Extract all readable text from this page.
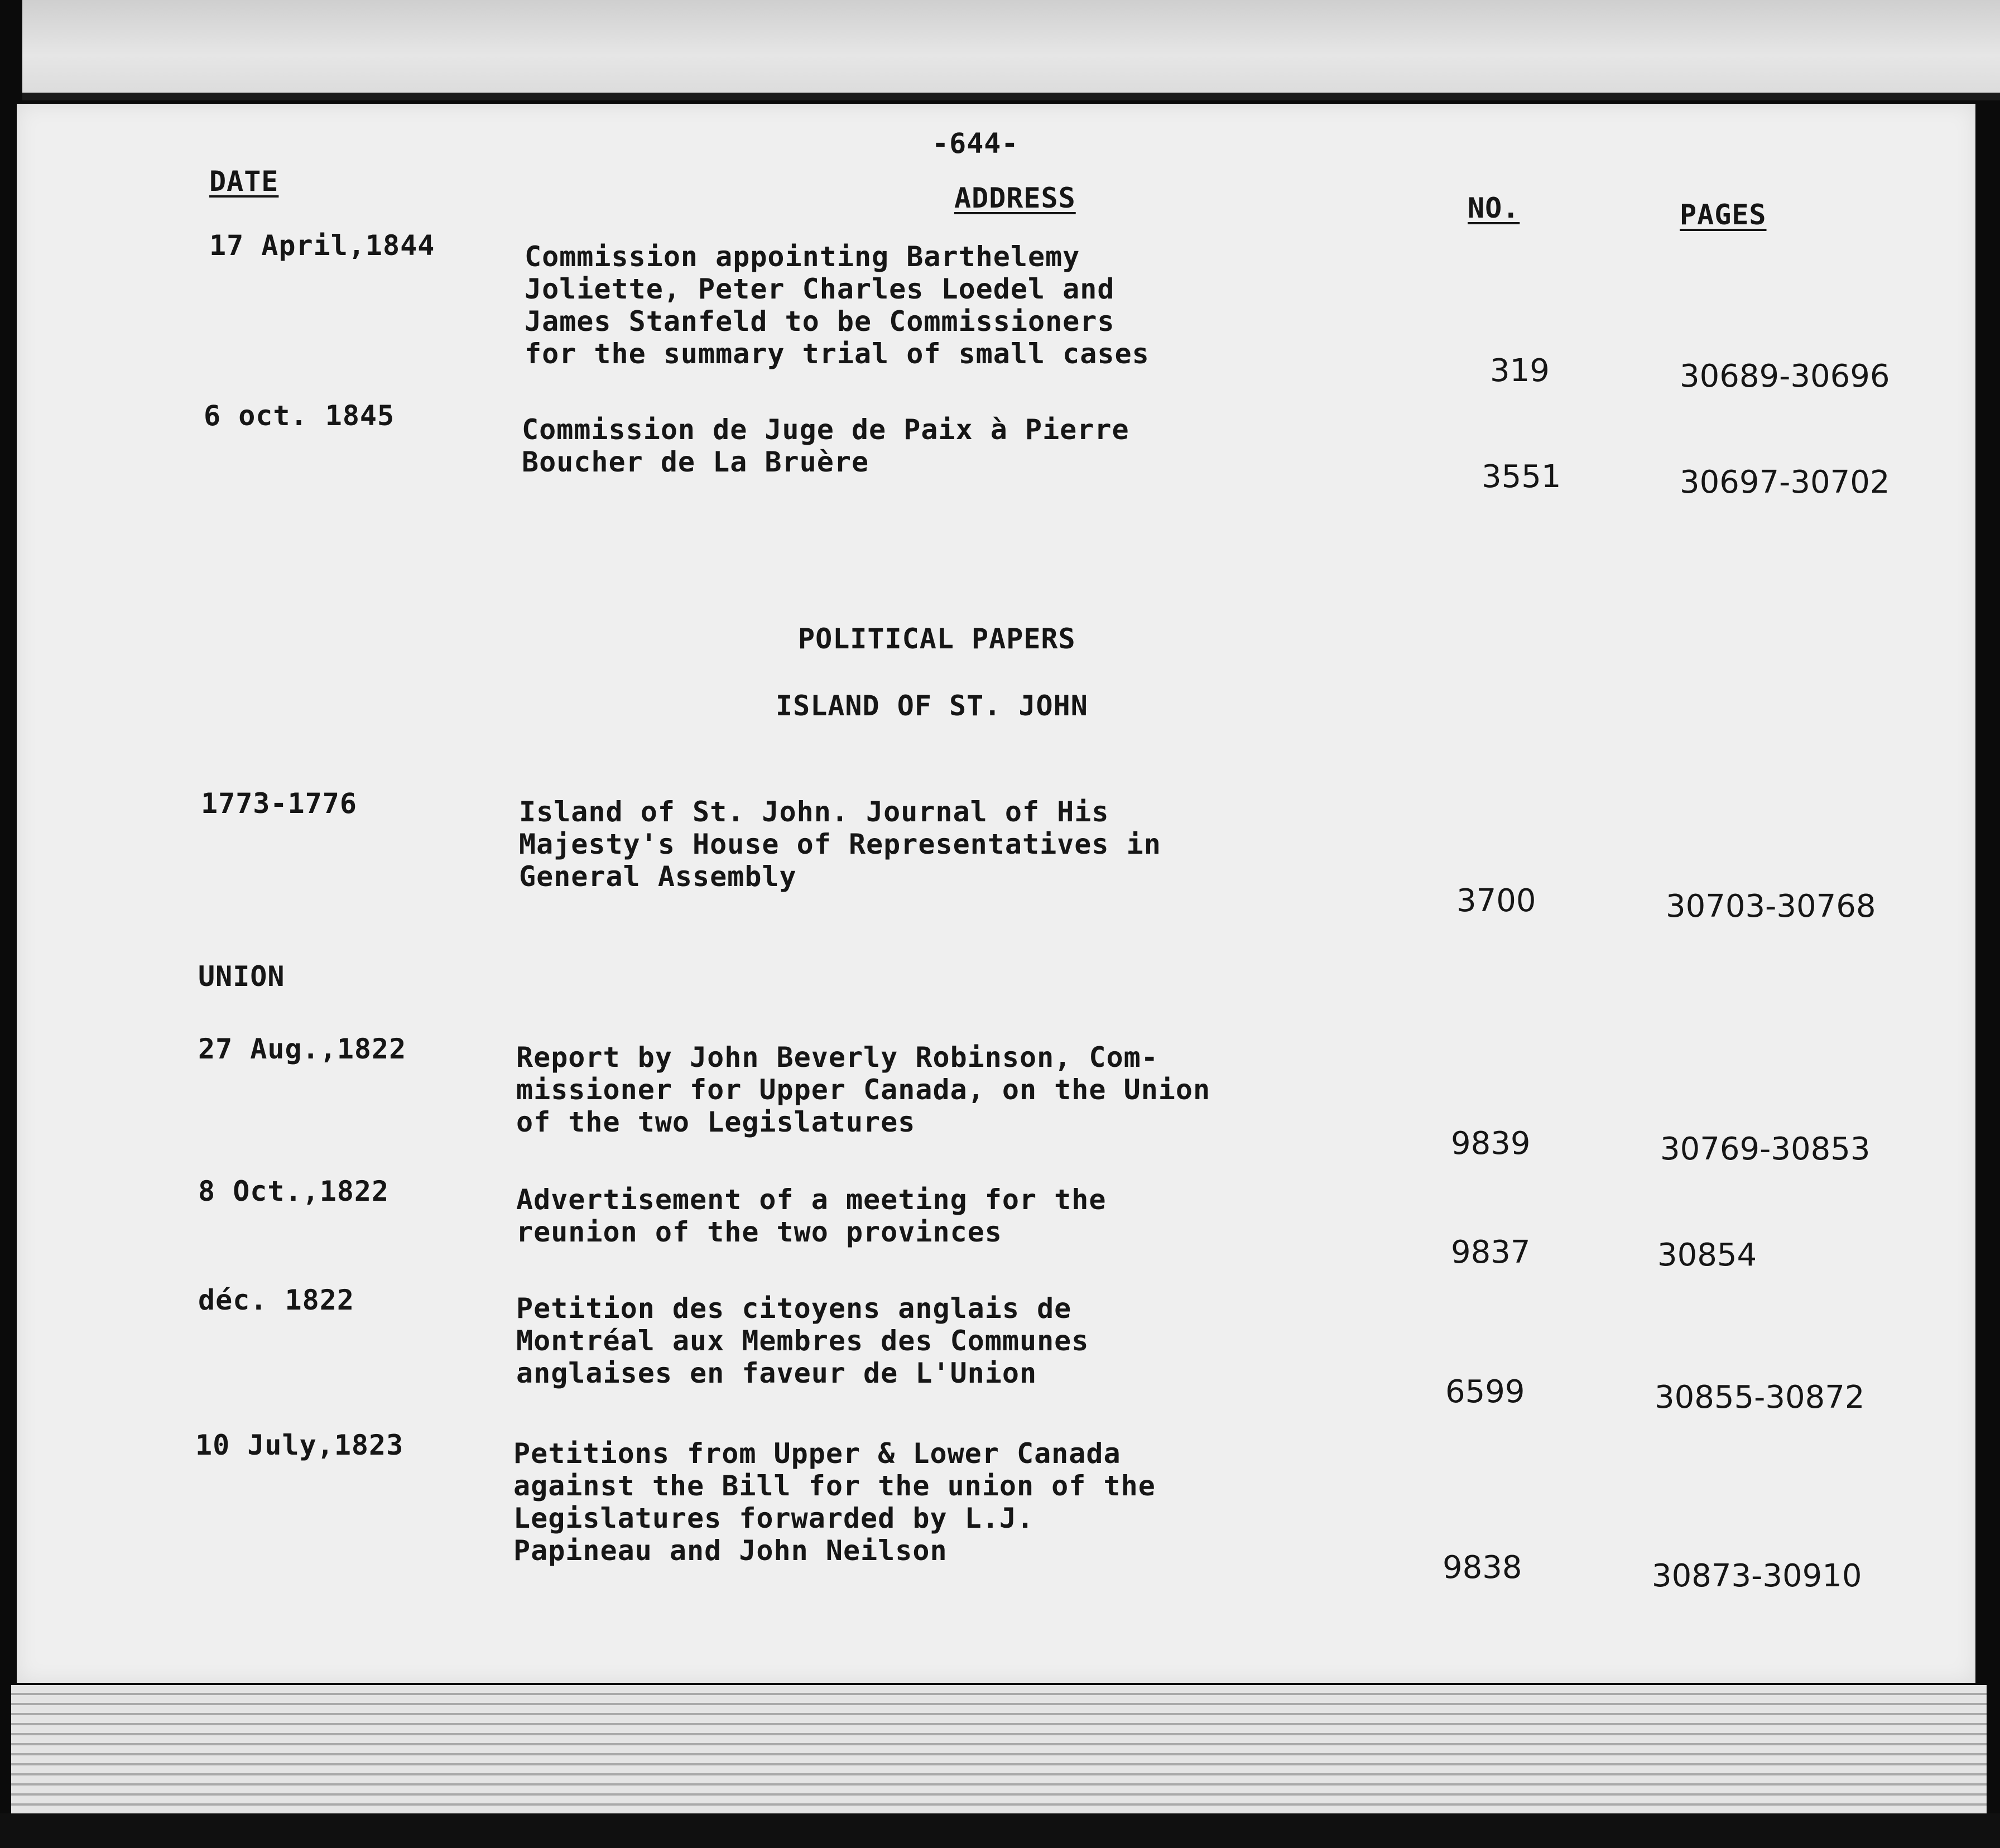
-644-
DATE
ADDRESS	NO.	PAGES
17 April,1844	Commission appointing Barthelemy
Joliette, Peter Charles Loedel and
James Stanfeld to be Commissioners
for the summary trial of small cases	319	30689-30696
6 oct. 1845	Commission de Juge de Paix à Pierre
Boucher de La Bruère	3551	30697-30702
POLITICAL PAPERS
ISLAND OF ST. JOHN
1773-1776	Island of St. John. Journal of His
Majesty's House of Representatives in
General Assembly
3700	30703-30768
UNION
27 Aug.,1822	Report by John Beverly Robinson, Com-
missioner for Upper Canada, on the Union
of the two Legislatures
9839	30769-30853
8 Oct.,1822	Advertisement of a meeting for the
reunion of the two provinces
9837	30854
déc. 1822	Petition des citoyens anglais de
Montréal aux Membres des Communes
anglaises en faveur de L'Union
6599	30855-30872
10 July,1823	Petitions from Upper & Lower Canada
against the Bill for the union of the
Legislatures forwarded by L.J.
Papineau and John Neilson	9838	30873-30910
